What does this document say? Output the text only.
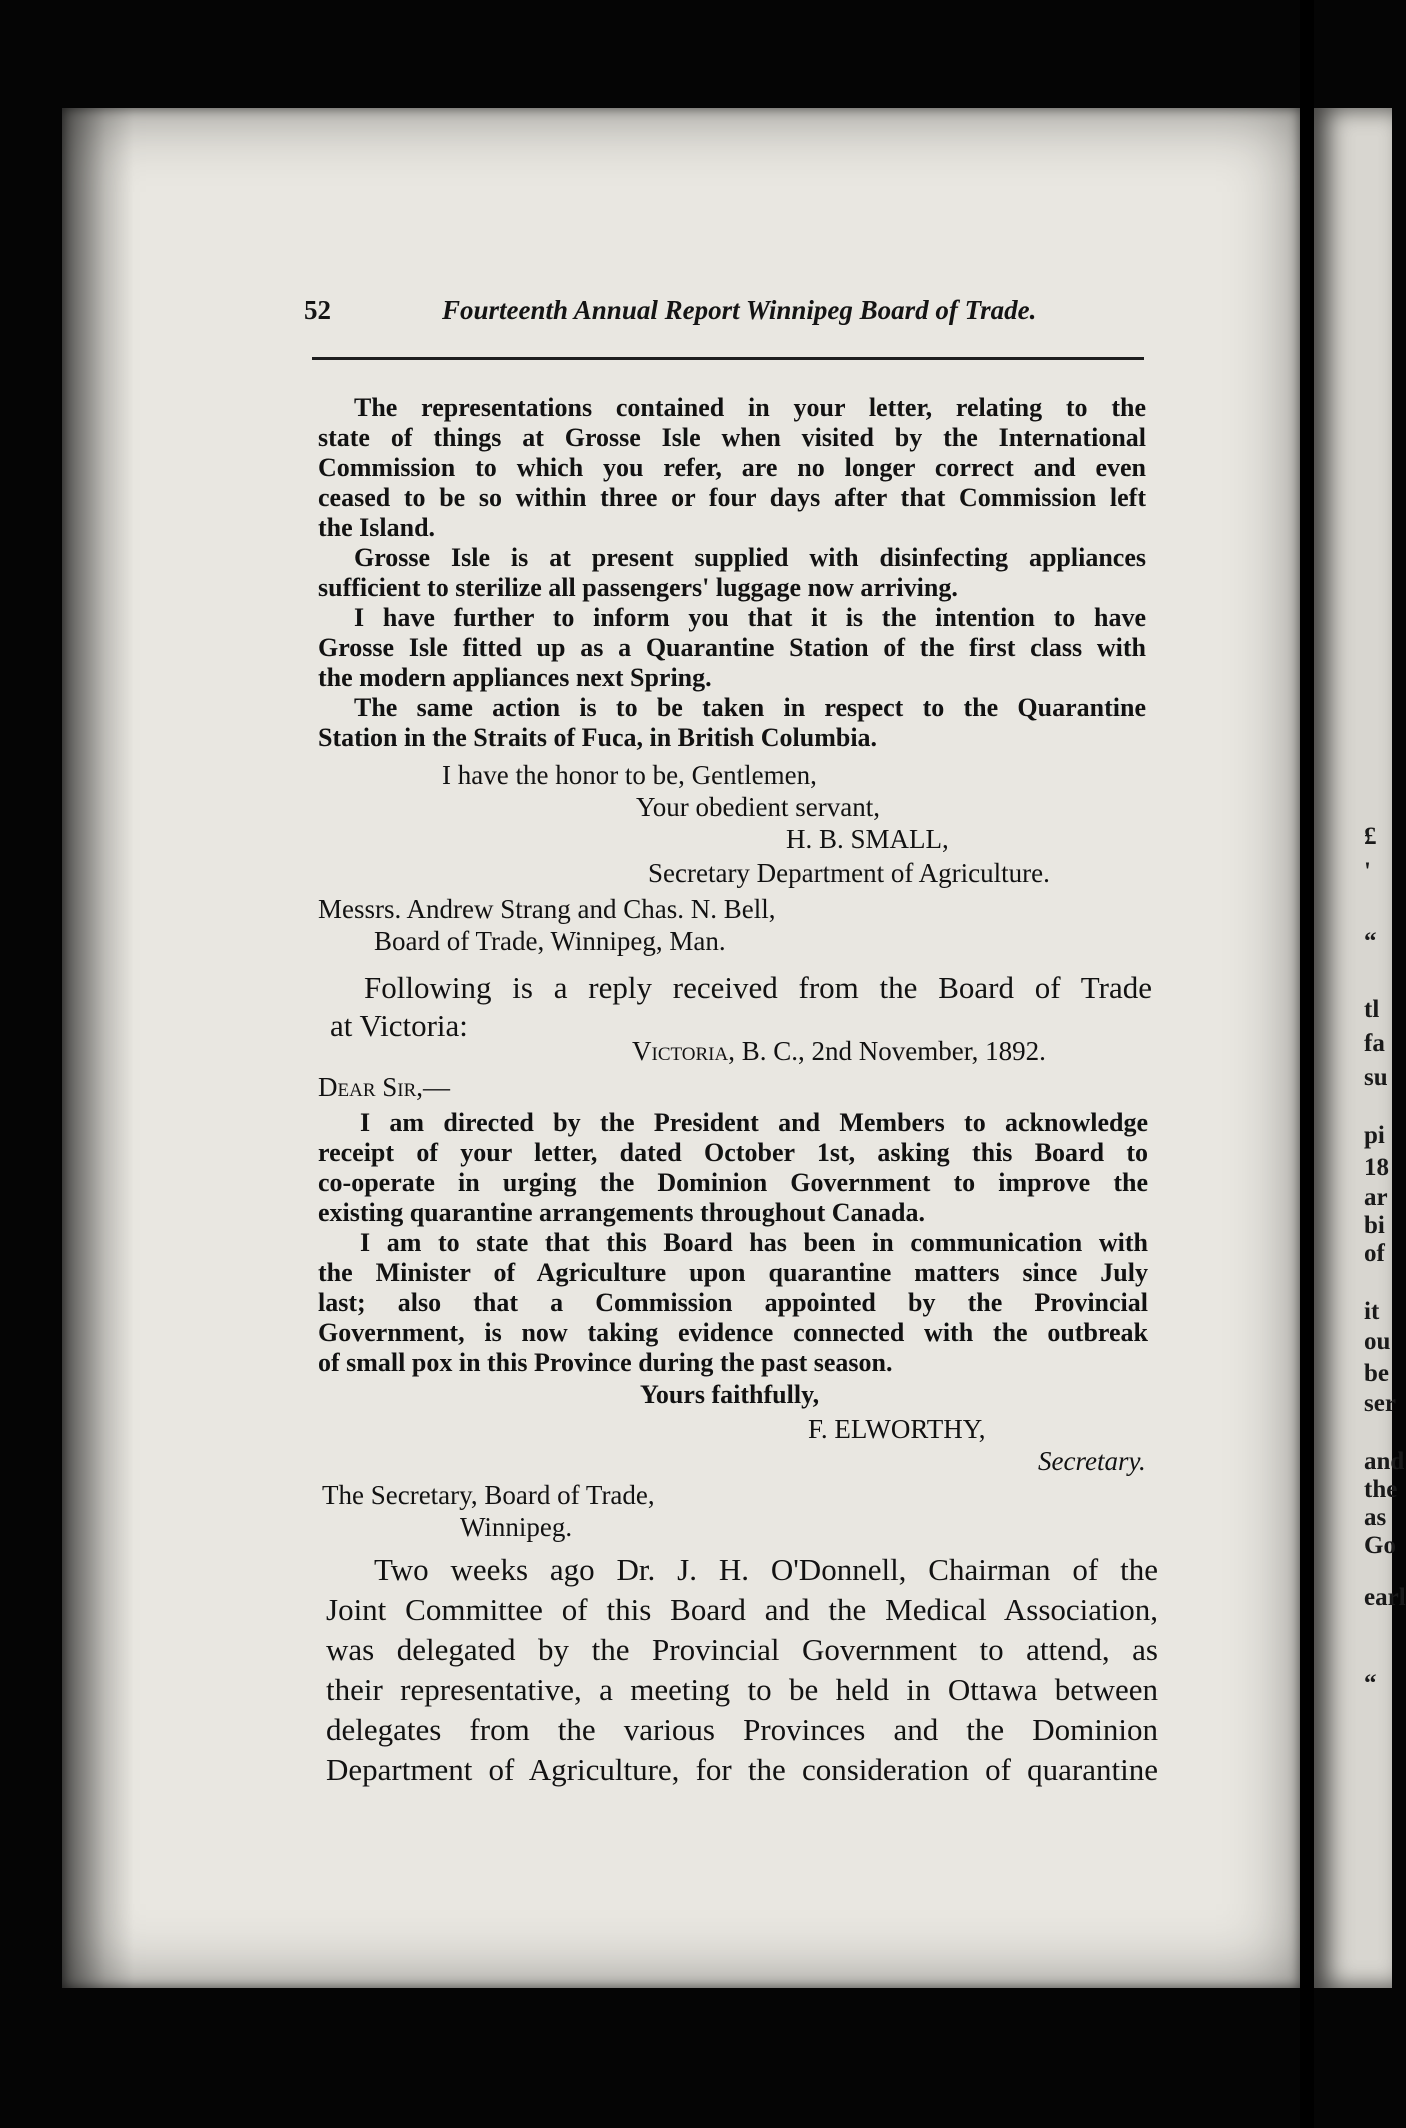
£
'
“
tl
fa
su
pi
18
ar
bi
of
it
ou
be
ser
and
the
as
Go
earl
“
52	Fourteenth Annual Report Winnipeg Board of Trade.
The representations contained in your letter, relating to the
state of things at Grosse Isle when visited by the International
Commission to which you refer, are no longer correct and even
ceased to be so within three or four days after that Commission left
the Island.
Grosse Isle is at present supplied with disinfecting appliances
sufficient to sterilize all passengers' luggage now arriving.
I have further to inform you that it is the intention to have
Grosse Isle fitted up as a Quarantine Station of the first class with
the modern appliances next Spring.
The same action is to be taken in respect to the Quarantine
Station in the Straits of Fuca, in British Columbia.
I have the honor to be, Gentlemen,
Your obedient servant,
H. B. SMALL,
Secretary Department of Agriculture.
Messrs. Andrew Strang and Chas. N. Bell,
Board of Trade, Winnipeg, Man.
Following is a reply received from the Board of Trade
at Victoria:
Victoria, B. C., 2nd November, 1892.
Dear Sir,—
I am directed by the President and Members to acknowledge
receipt of your letter, dated October 1st, asking this Board to
co-operate in urging the Dominion Government to improve the
existing quarantine arrangements throughout Canada.
I am to state that this Board has been in communication with
the Minister of Agriculture upon quarantine matters since July
last; also that a Commission appointed by the Provincial
Government, is now taking evidence connected with the outbreak
of small pox in this Province during the past season.
Yours faithfully,
F. ELWORTHY,
Secretary.
The Secretary, Board of Trade,
Winnipeg.
Two weeks ago Dr. J. H. O'Donnell, Chairman of the
Joint Committee of this Board and the Medical Association,
was delegated by the Provincial Government to attend, as
their representative, a meeting to be held in Ottawa between
delegates from the various Provinces and the Dominion
Department of Agriculture, for the consideration of quarantine
